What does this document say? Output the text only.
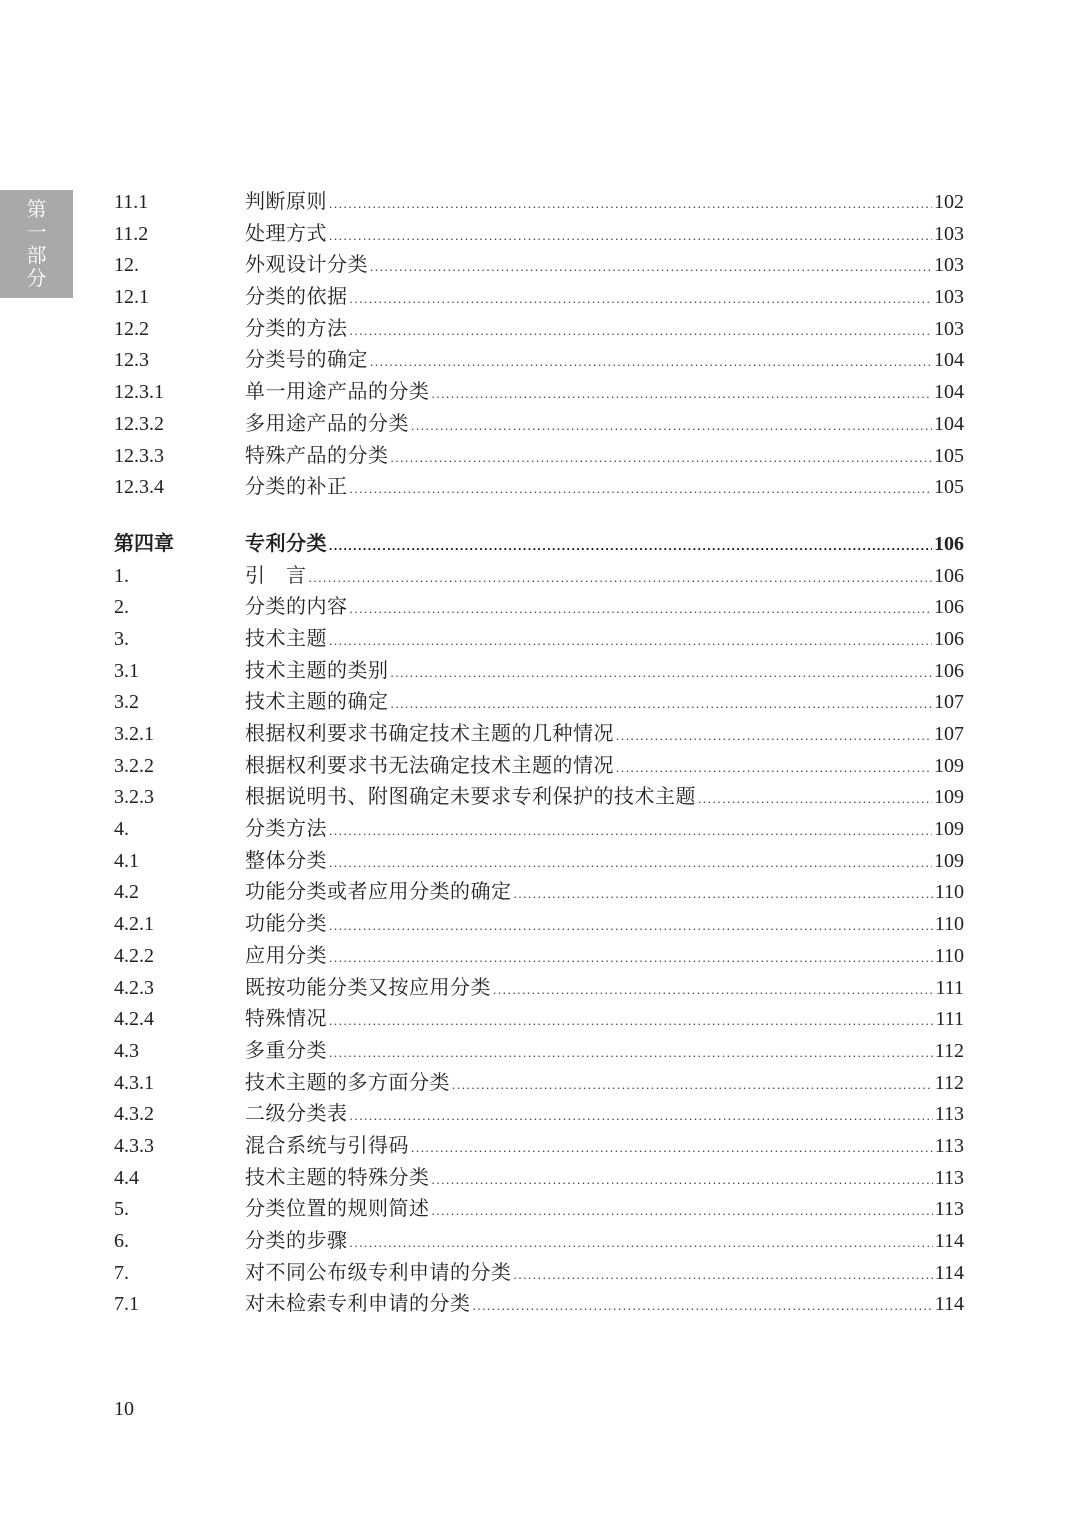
第
一
部
分
11.1	判断原则 .....	102
11.2	处理方式 .....	103
12.	外观设计分类 .....	103
12.1	分类的依据 .....	103
12.2	分类的方法 .....	103
12.3	分类号的确定 .....	104
12.3.1	单一用途产品的分类 .....	104
12.3.2	多用途产品的分类 .....	104
12.3.3	特殊产品的分类 .....	105
12.3.4	分类的补正 .....	105
第四章	专利分类 .....	106
1.	引　言 .....	106
2.	分类的内容 .....	106
3.	技术主题 .....	106
3.1	技术主题的类别 .....	106
3.2	技术主题的确定 .....	107
3.2.1	根据权利要求书确定技术主题的几种情况 .....	107
3.2.2	根据权利要求书无法确定技术主题的情况 .....	109
3.2.3	根据说明书、附图确定未要求专利保护的技术主题 .....	109
4.	分类方法 .....	109
4.1	整体分类 .....	109
4.2	功能分类或者应用分类的确定 .....	110
4.2.1	功能分类 .....	110
4.2.2	应用分类 .....	110
4.2.3	既按功能分类又按应用分类 .....	111
4.2.4	特殊情况 .....	111
4.3	多重分类 .....	112
4.3.1	技术主题的多方面分类 .....	112
4.3.2	二级分类表 .....	113
4.3.3	混合系统与引得码 .....	113
4.4	技术主题的特殊分类 .....	113
5.	分类位置的规则简述 .....	113
6.	分类的步骤 .....	114
7.	对不同公布级专利申请的分类 .....	114
7.1	对未检索专利申请的分类 .....	114
10
